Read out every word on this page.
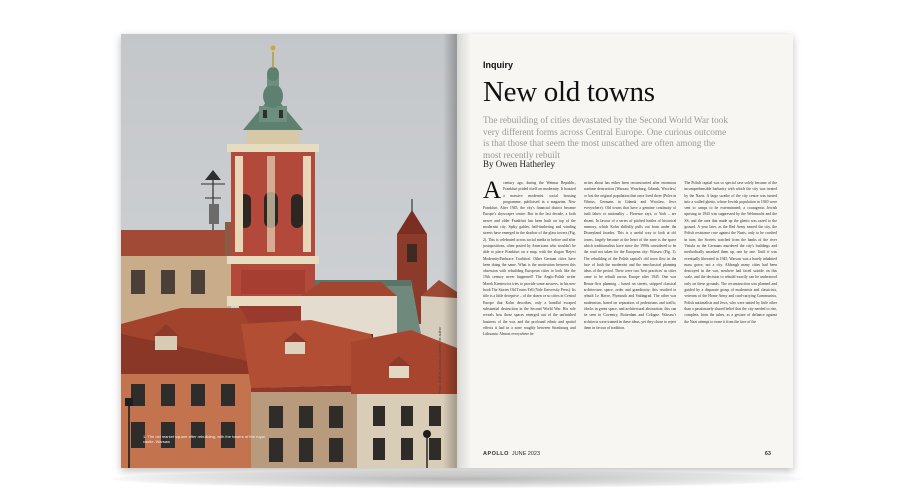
1. The old market square after rebuilding, with the towers of the royal castle, Warsaw
Photo: Andrzej Jurasik; Courtesy the author
Inquiry
New old towns
The rebuilding of cities devastated by the Second World War took very different forms across Central Europe. One curious outcome is that those that seem the most unscathed are often among the most recently rebuilt
By Owen Hatherley
Acentury ago, during the Weimar Republic, Frankfurt prided itself on modernity. It boasted a massive modernist social housing programme, publicised in a magazine, New Frankfurt. After 1945, the city's financial district became Europe's skyscraper centre. But in the last decade, a both newer and older Frankfurt has been built on top of the modernist city. Spiky gables, half-timbering and winding streets have emerged in the shadow of the glass towers (Fig. 2). This is celebrated across social media in before and after juxtapositions, often posted by Americans who wouldn't be able to place Frankfurt on a map, with the slogan 'Reject Modernity/Embrace Tradition'. Other German cities have been doing the same. What is the motivation between this obsession with rebuilding European cities to look like the 19th century never happened? The Anglo-Polish writer Marek Kieniewicz tries to provide some answers, in his new book The Stories Old Towns Tell (Yale University Press). Its title is a little deceptive – of the dozen or so cities in Central Europe that Kohn describes, only a handful escaped substantial destruction in the Second World War. His role reveals how these spaces emerged out of the unfinished business of the war, and the profound ethnic and spatial effects it had in a zone roughly between Strasbourg and Lithuania. Almost everywhere he
writes about has either been reconstructed after enormous wartime destruction (Warsaw, Wurzburg, Gdansk, Wroclaw) or lost the original population that once lived there (Poles in Vilnius, Germans in Gdansk and Wroclaw, Jews everywhere). Old towns that have a genuine continuity of built fabric or nationality – Florence says, or York – are absent. In favour of a series of pitched battles of historical memory, which Kohn skilfully pulls out from under the Disneyland facades. This is a useful way to look at old towns, largely because at the heart of the zone is the space which traditionalists have since the 1990s considered to be the road not taken for the European city: Warsaw (Fig. 1). The rebuilding of the Polish capital's old town flew in the face of both the modernist and the neoclassical planning ideas of the period. There were two 'best practices' as cities came to be rebuilt across Europe after 1945. One was Beaux-Arts planning – based on streets, stripped classical architecture, space, order and grandiosity; this resulted in rebuilt Le Havre, Plymouth and Stalingrad. The other was modernism, based on separation of pedestrians and traffic, blocks in green space, and architectural abstraction; this can be seen in Coventry, Rotterdam and Cologne. Warsaw's architects were trained in these ideas, yet they chose to reject them in favour of tradition.
The Polish capital was so special case solely because of the incomprehensible barbarity with which the city was treated by the Nazis. A large swathe of the city centre was turned into a walled ghetto, whose Jewish population in 1940 were sent to camps to be exterminated; a courageous Jewish uprising in 1943 was suppressed by the Wehrmacht and the SS, and the area that made up the ghetto was razed to the ground. A year later, as the Red Army neared the city, the Polish resistance rose against the Nazis, only to be crushed in turn; the Soviets watched from the banks of the river Vistula as the Germans murdered the city's buildings and methodically smashed them up, one by one. Until it was eventually liberated in 1945, Warsaw was a barely inhabited mass grave, not a city. Although many cities had been destroyed in the war, nowhere had faced suicide on this scale, and the decision to rebuild exactly can be understood only on these grounds. The reconstruction was planned and guided by a disparate group of modernists and classicists, veterans of the Home Army and card-carrying Communists, Polish nationalists and Jews, who were united by little other than a passionately shared belief that the city needed to rise, complete, from the ashes, as a gesture of defiance against the Nazi attempt to erase it from the face of the
APOLLO JUNE 2023	63
